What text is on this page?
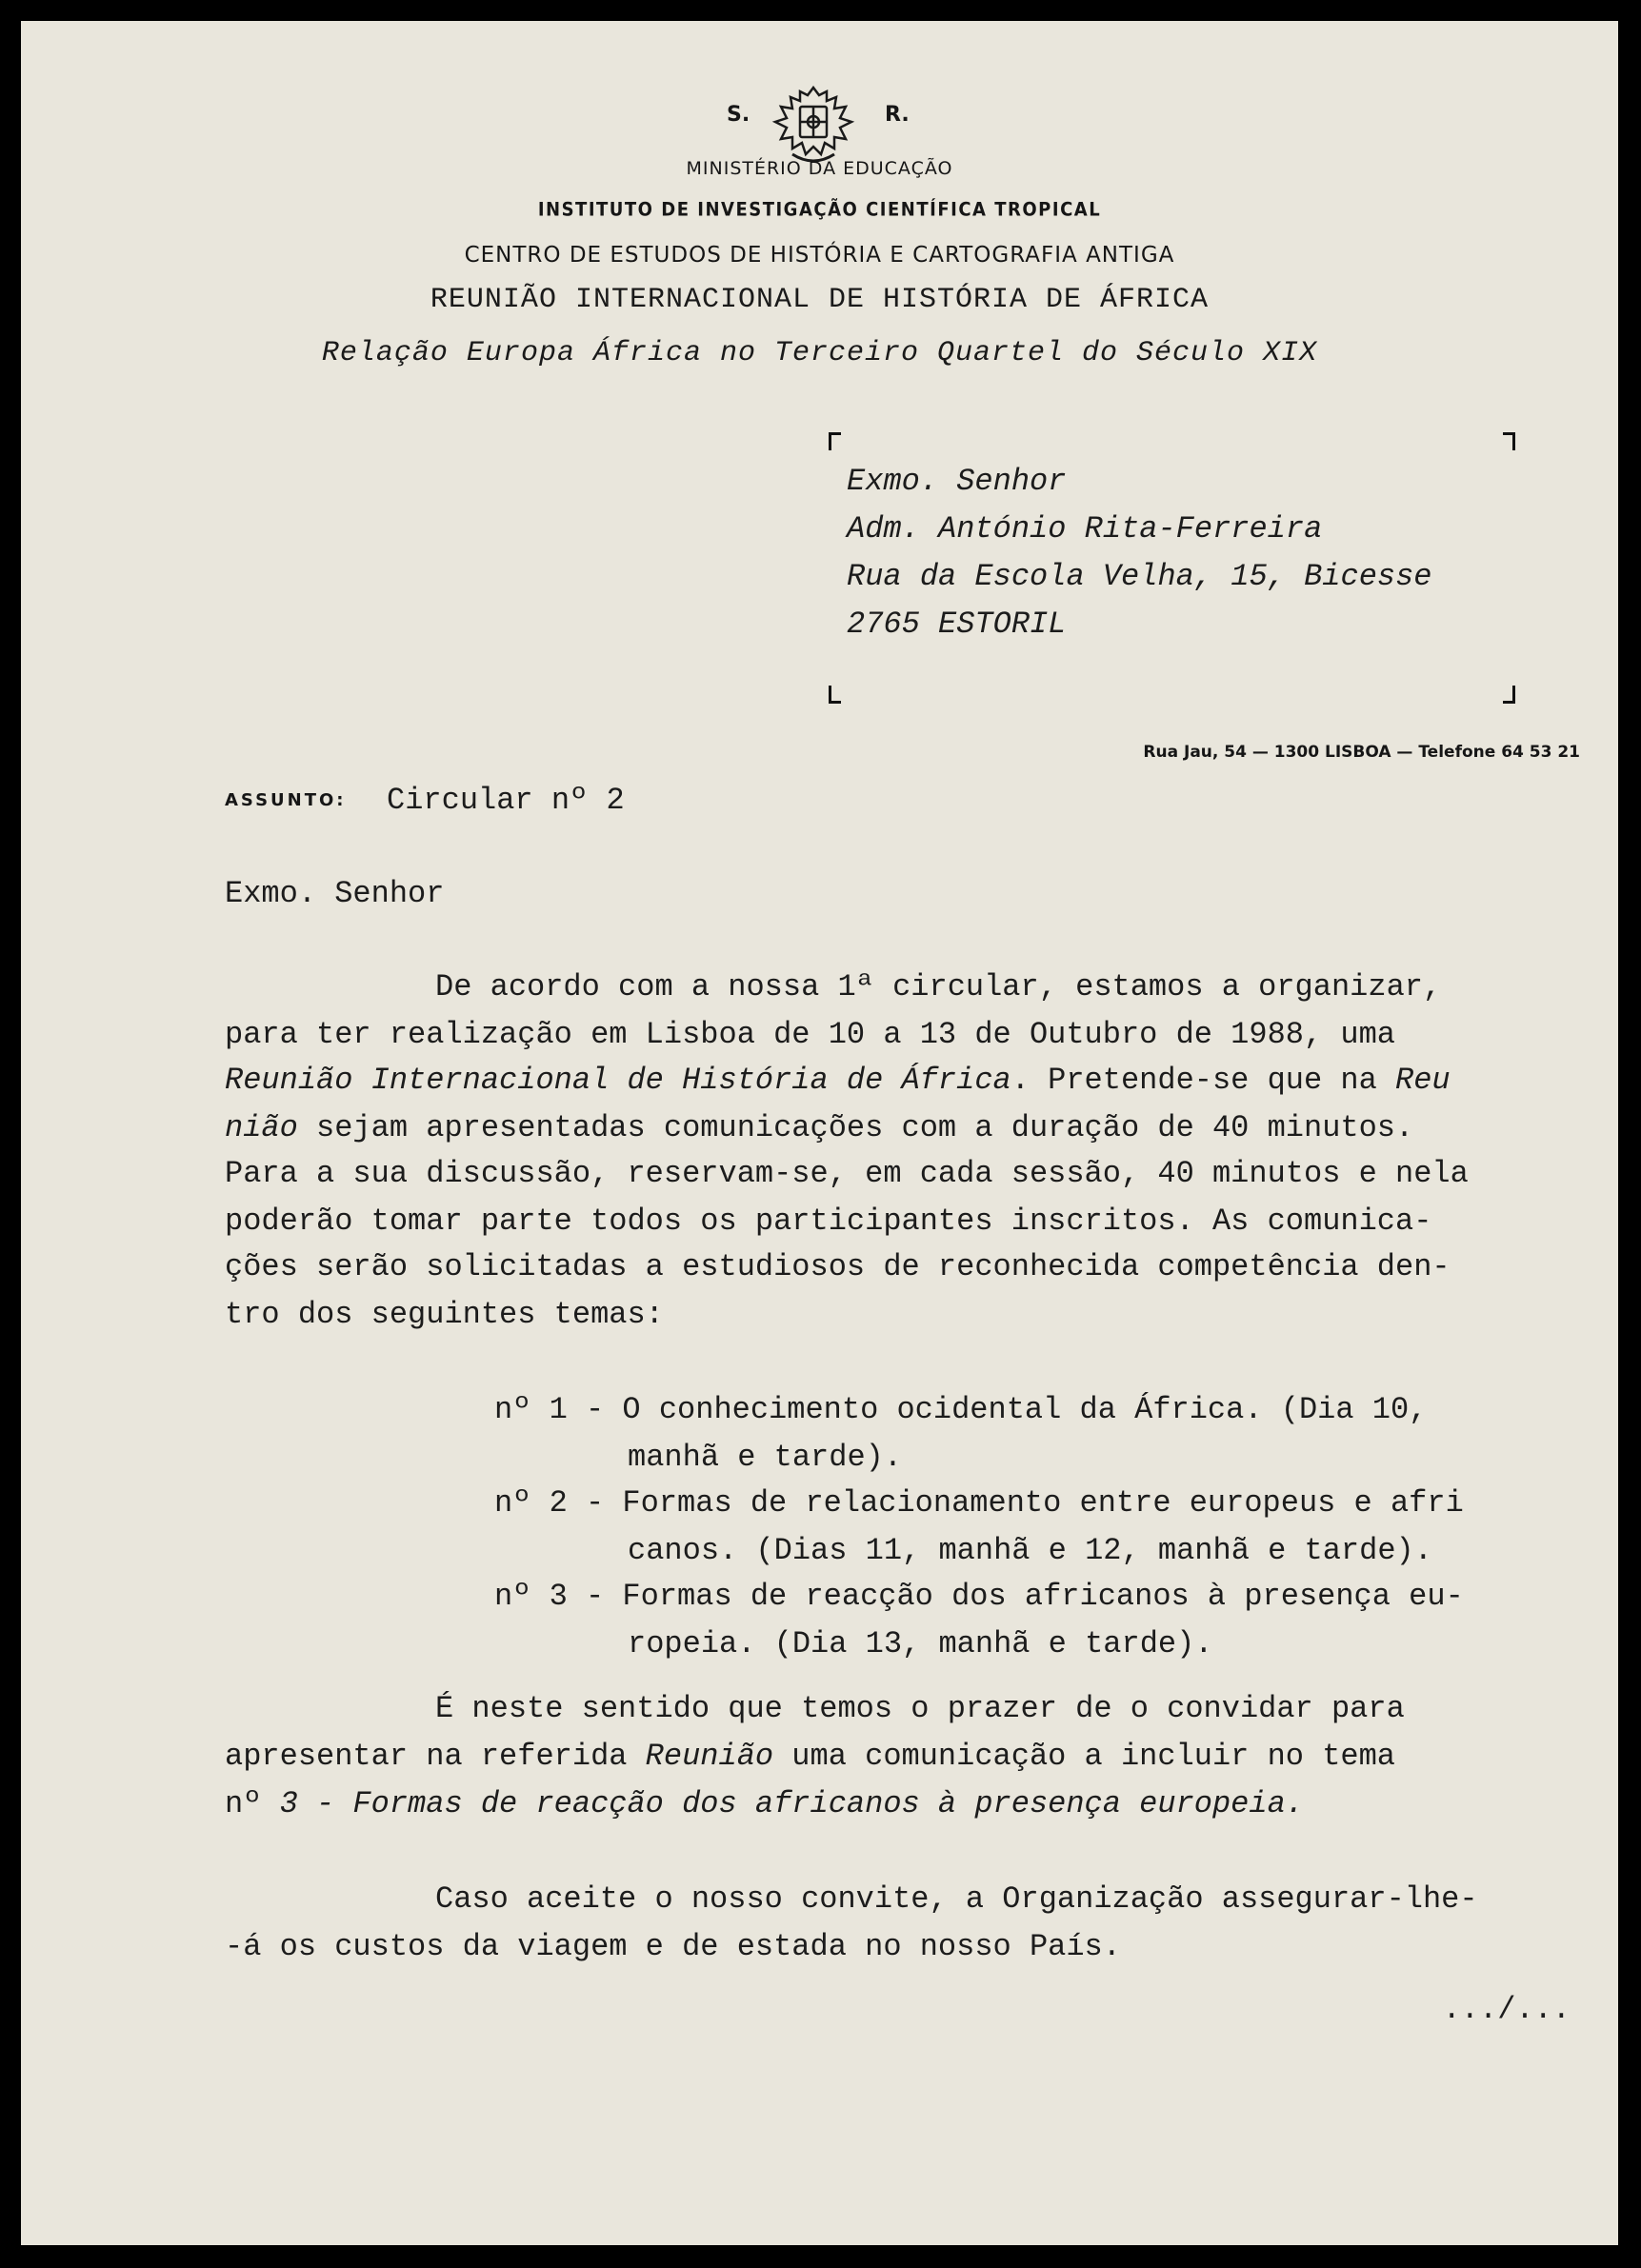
S.	R.
MINISTÉRIO DA EDUCAÇÃO
INSTITUTO DE INVESTIGAÇÃO CIENTÍFICA TROPICAL
CENTRO DE ESTUDOS DE HISTÓRIA E CARTOGRAFIA ANTIGA
REUNIÃO INTERNACIONAL DE HISTÓRIA DE ÁFRICA
Relação Europa África no Terceiro Quartel do Século XIX
Exmo. Senhor
Adm. António Rita-Ferreira
Rua da Escola Velha, 15, Bicesse
2765 ESTORIL
Rua Jau, 54 — 1300 LISBOA — Telefone 64 53 21
ASSUNTO: Circular nº 2
Exmo. Senhor
De acordo com a nossa 1ª circular, estamos a organizar,
para ter realização em Lisboa de 10 a 13 de Outubro de 1988, uma
Reunião Internacional de História de África. Pretende-se que na Reu
nião sejam apresentadas comunicações com a duração de 40 minutos.
Para a sua discussão, reservam-se, em cada sessão, 40 minutos e nela
poderão tomar parte todos os participantes inscritos. As comunica-
ções serão solicitadas a estudiosos de reconhecida competência den-
tro dos seguintes temas:
nº 1 - O conhecimento ocidental da África. (Dia 10,
manhã e tarde).
nº 2 - Formas de relacionamento entre europeus e afri
canos. (Dias 11, manhã e 12, manhã e tarde).
nº 3 - Formas de reacção dos africanos à presença eu-
ropeia. (Dia 13, manhã e tarde).
É neste sentido que temos o prazer de o convidar para
apresentar na referida Reunião uma comunicação a incluir no tema
nº 3 - Formas de reacção dos africanos à presença europeia.
Caso aceite o nosso convite, a Organização assegurar-lhe-
-á os custos da viagem e de estada no nosso País.
.../...
